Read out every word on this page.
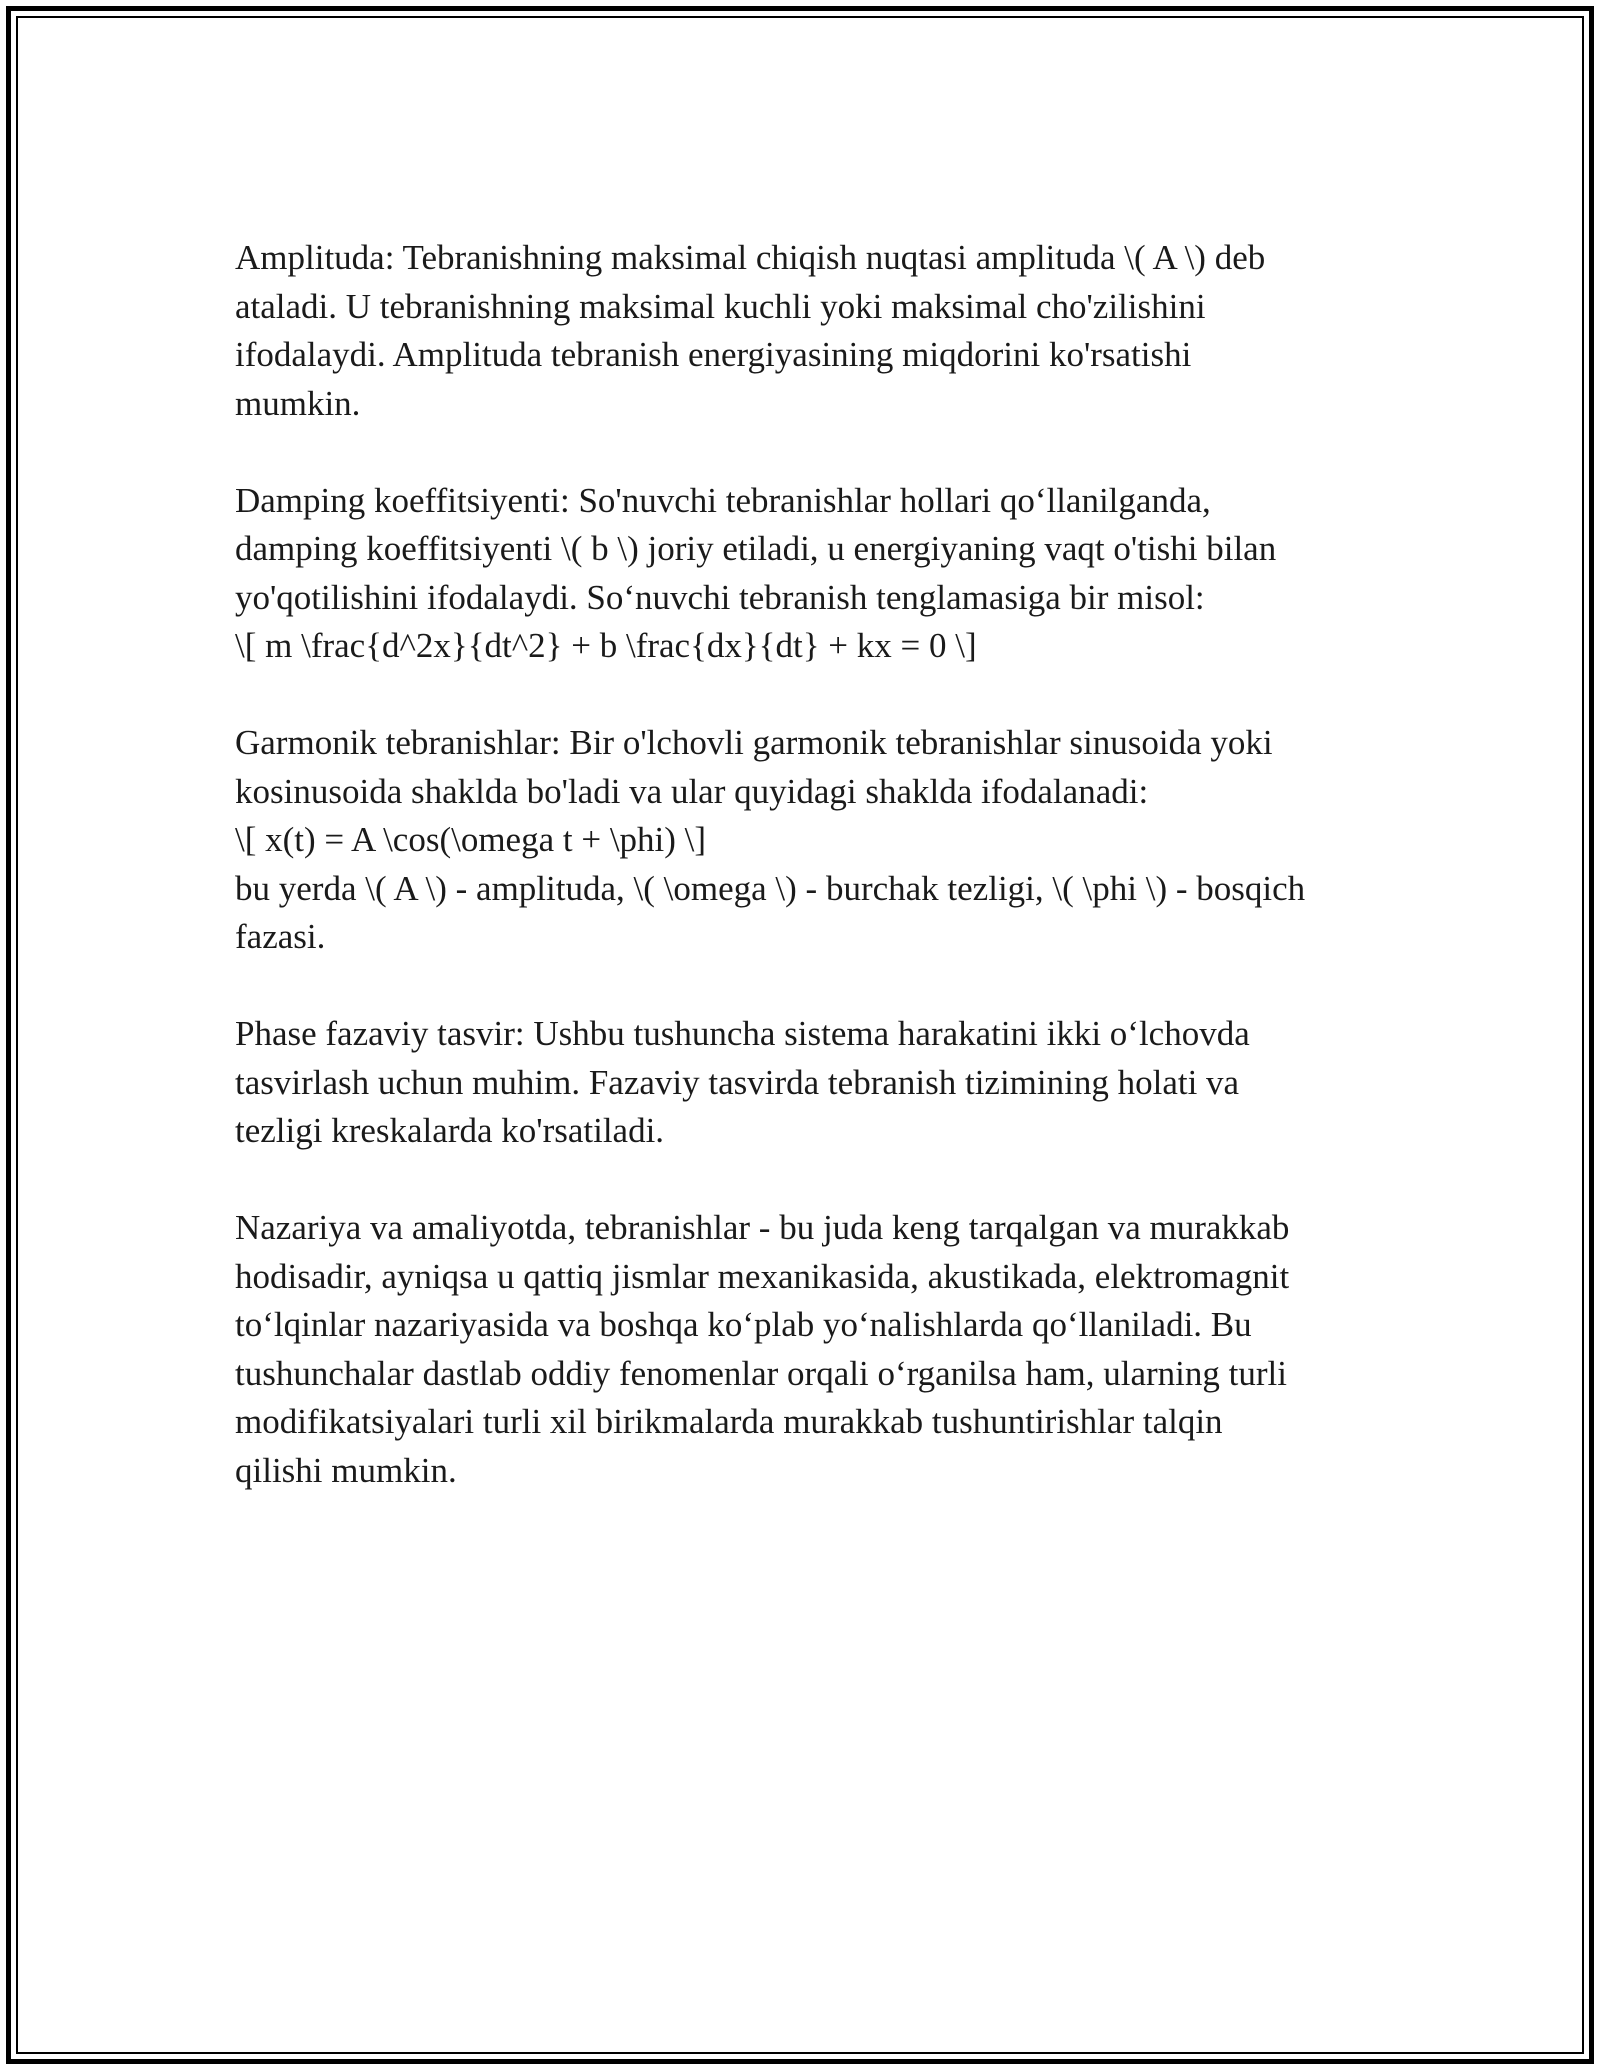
Amplituda: Tebranishning maksimal chiqish nuqtasi amplituda \( A \) deb
ataladi. U tebranishning maksimal kuchli yoki maksimal cho'zilishini
ifodalaydi. Amplituda tebranish energiyasining miqdorini ko'rsatishi
mumkin.

Damping koeffitsiyenti: So'nuvchi tebranishlar hollari qo‘llanilganda,
damping koeffitsiyenti \( b \) joriy etiladi, u energiyaning vaqt o'tishi bilan
yo'qotilishini ifodalaydi. So‘nuvchi tebranish tenglamasiga bir misol:
\[ m \frac{d^2x}{dt^2} + b \frac{dx}{dt} + kx = 0 \]

Garmonik tebranishlar: Bir o'lchovli garmonik tebranishlar sinusoida yoki
kosinusoida shaklda bo'ladi va ular quyidagi shaklda ifodalanadi:
\[ x(t) = A \cos(\omega t + \phi) \]
bu yerda \( A \) - amplituda, \( \omega \) - burchak tezligi, \( \phi \) - bosqich
fazasi.

Phase fazaviy tasvir: Ushbu tushuncha sistema harakatini ikki o‘lchovda
tasvirlash uchun muhim. Fazaviy tasvirda tebranish tizimining holati va
tezligi kreskalarda ko'rsatiladi.

Nazariya va amaliyotda, tebranishlar - bu juda keng tarqalgan va murakkab
hodisadir, ayniqsa u qattiq jismlar mexanikasida, akustikada, elektromagnit
to‘lqinlar nazariyasida va boshqa ko‘plab yo‘nalishlarda qo‘llaniladi. Bu
tushunchalar dastlab oddiy fenomenlar orqali o‘rganilsa ham, ularning turli
modifikatsiyalari turli xil birikmalarda murakkab tushuntirishlar talqin
qilishi mumkin.
